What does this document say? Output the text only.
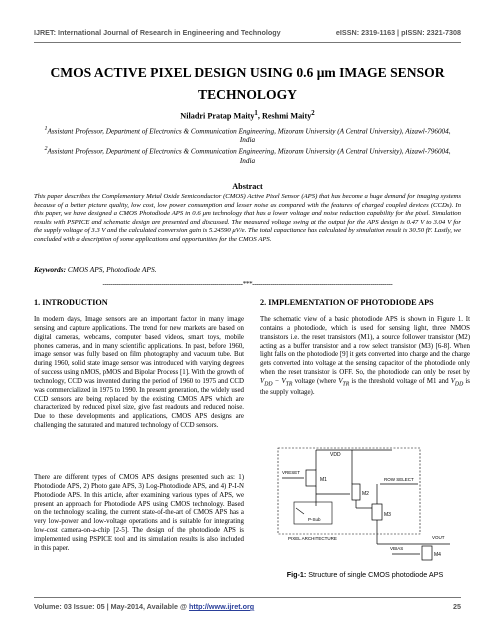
IJRET: International Journal of Research in Engineering and Technology	eISSN: 2319-1163 | pISSN: 2321-7308
CMOS ACTIVE PIXEL DESIGN USING 0.6 μm IMAGE SENSOR TECHNOLOGY
Niladri Pratap Maity$^1$, Reshmi Maity$^2$
$^1$Assistant Professor, Department of Electronics & Communication Engineering, Mizoram University (A Central University), Aizawl-796004, India
$^2$Assistant Professor, Department of Electronics & Communication Engineering, Mizoram University (A Central University), Aizawl-796004, India
Abstract
This paper describes the Complementary Metal Oxide Semiconductor (CMOS) Active Pixel Sensor (APS) that has become a huge demand for imaging systems because of a better picture quality, low cost, low power consumption and lesser noise as compared with the features of charged coupled devices (CCDs). In this paper, we have designed a CMOS Photodiode APS in 0.6 μm technology that has a lower voltage and noise reduction capability for the pixel. Simulation results with PSPICE and schematic design are presented and discussed. The measured voltage swing at the output for the APS design is 0.47 V to 3.04 V for the supply voltage of 3.3 V and the calculated conversion gain is 5.24590 μV/e. The total capacitance has calculated by simulation result is 30.50 fF. Lastly, we concluded with a description of some applications and opportunities for the CMOS APS.
Keywords: CMOS APS, Photodiode APS.
---------------------------------------------------------------------***---------------------------------------------------------------------
1. INTRODUCTION	2. IMPLEMENTATION OF PHOTODIODE APS
In modern days, Image sensors are an important factor in many image sensing and capture applications. The trend for new markets are based on digital cameras, webcams, computer based videos, smart toys, mobile phones cameras, and in many scientific applications. In past, before 1960, image sensor was fully based on film photography and vacuum tube. But during 1960, solid state image sensor was introduced with varying degrees of success using nMOS, pMOS and Bipolar Process [1]. With the growth of technology, CCD was invented during the period of 1960 to 1975 and CCD was commercialized in 1975 to 1990. In present generation, the widely used CCD sensors are being replaced by the existing CMOS APS which are characterized by reduced pixel size, give fast readouts and reduced noise. Due to these developments and applications, CMOS APS designs are challenging the saturated and matured technology of CCD sensors.
There are different types of CMOS APS designs presented such as: 1) Photodiode APS, 2) Photo gate APS, 3) Log-Photodiode APS, and 4) P-I-N Photodiode APS. In this article, after examining various types of APS, we present an approach for Photodiode APS using CMOS technology. Based on the technology scaling, the current state-of-the-art of CMOS APS has a very low-power and low-voltage operations and is suitable for integrating low-cost camera-on-a-chip [2-5]. The design of the photodiode APS is implemented using PSPICE tool and its simulation results is also included in this paper.
The schematic view of a basic photodiode APS is shown in Figure 1. It contains a photodiode, which is used for sensing light, three NMOS transistors i.e. the reset transistors (M1), a source follower transistor (M2) acting as a buffer transistor and a row select transistor (M3) [6-8]. When light falls on the photodiode [9] it gets converted into charge and the charge gets converted into voltage at the sensing capacitor of the photodiode only when the reset transistor is OFF. So, the photodiode can only be reset by $V_{DD} - V_{TR}$ voltage (where $V_{TR}$ is the threshold voltage of M1 and $V_{DD}$ is the supply voltage).
VDD
VRESET
M1
M2
ROW SELECT
M3
P-Sub
PIXEL ARCHITECTURE	VOUT
M4
VBIAS
Fig-1: Structure of single CMOS photodiode APS
Volume: 03 Issue: 05 | May-2014, Available @ http://www.ijret.org	25
